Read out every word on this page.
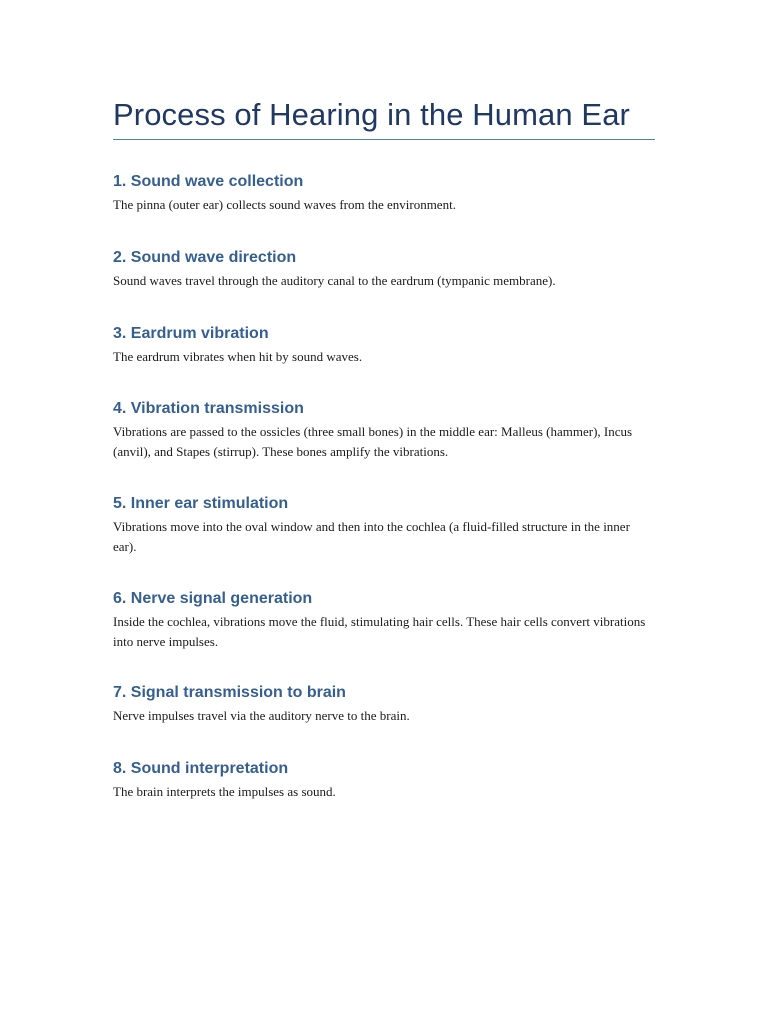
Process of Hearing in the Human Ear
1. Sound wave collection

The pinna (outer ear) collects sound waves from the environment.

2. Sound wave direction

Sound waves travel through the auditory canal to the eardrum (tympanic membrane).

3. Eardrum vibration

The eardrum vibrates when hit by sound waves.

4. Vibration transmission

Vibrations are passed to the ossicles (three small bones) in the middle ear: Malleus (hammer), Incus (anvil), and Stapes (stirrup). These bones amplify the vibrations.

5. Inner ear stimulation

Vibrations move into the oval window and then into the cochlea (a fluid-filled structure in the inner ear).

6. Nerve signal generation

Inside the cochlea, vibrations move the fluid, stimulating hair cells. These hair cells convert vibrations into nerve impulses.

7. Signal transmission to brain

Nerve impulses travel via the auditory nerve to the brain.

8. Sound interpretation

The brain interprets the impulses as sound.
